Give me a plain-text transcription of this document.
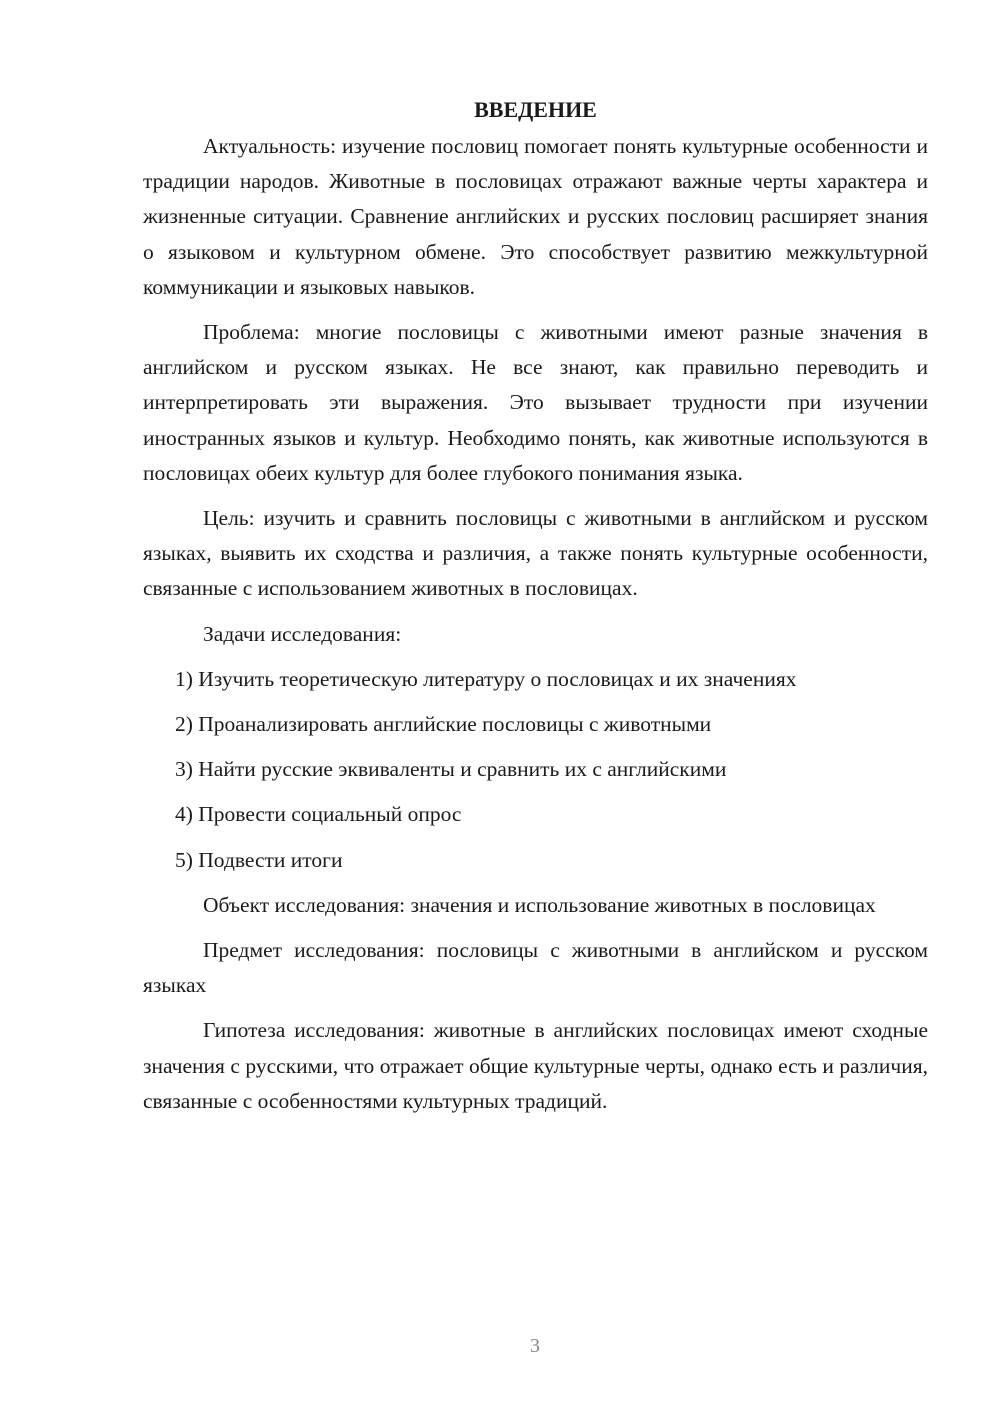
ВВЕДЕНИЕ

Актуальность: изучение пословиц помогает понять культурные особенности и традиции народов. Животные в пословицах отражают важные черты характера и жизненные ситуации. Сравнение английских и русских пословиц расширяет знания о языковом и культурном обмене. Это способствует развитию межкультурной коммуникации и языковых навыков.

Проблема: многие пословицы с животными имеют разные значения в английском и русском языках. Не все знают, как правильно переводить и интерпретировать эти выражения. Это вызывает трудности при изучении иностранных языков и культур. Необходимо понять, как животные используются в пословицах обеих культур для более глубокого понимания языка.

Цель: изучить и сравнить пословицы с животными в английском и русском языках, выявить их сходства и различия, а также понять культурные особенности, связанные с использованием животных в пословицах.

Задачи исследования:

1) Изучить теоретическую литературу о пословицах и их значениях

2) Проанализировать английские пословицы с животными

3) Найти русские эквиваленты и сравнить их с английскими

4) Провести социальный опрос

5) Подвести итоги

Объект исследования: значения и использование животных в пословицах

Предмет исследования: пословицы с животными в английском и русском языках

Гипотеза исследования: животные в английских пословицах имеют сходные значения с русскими, что отражает общие культурные черты, однако есть и различия, связанные с особенностями культурных традиций.

3
